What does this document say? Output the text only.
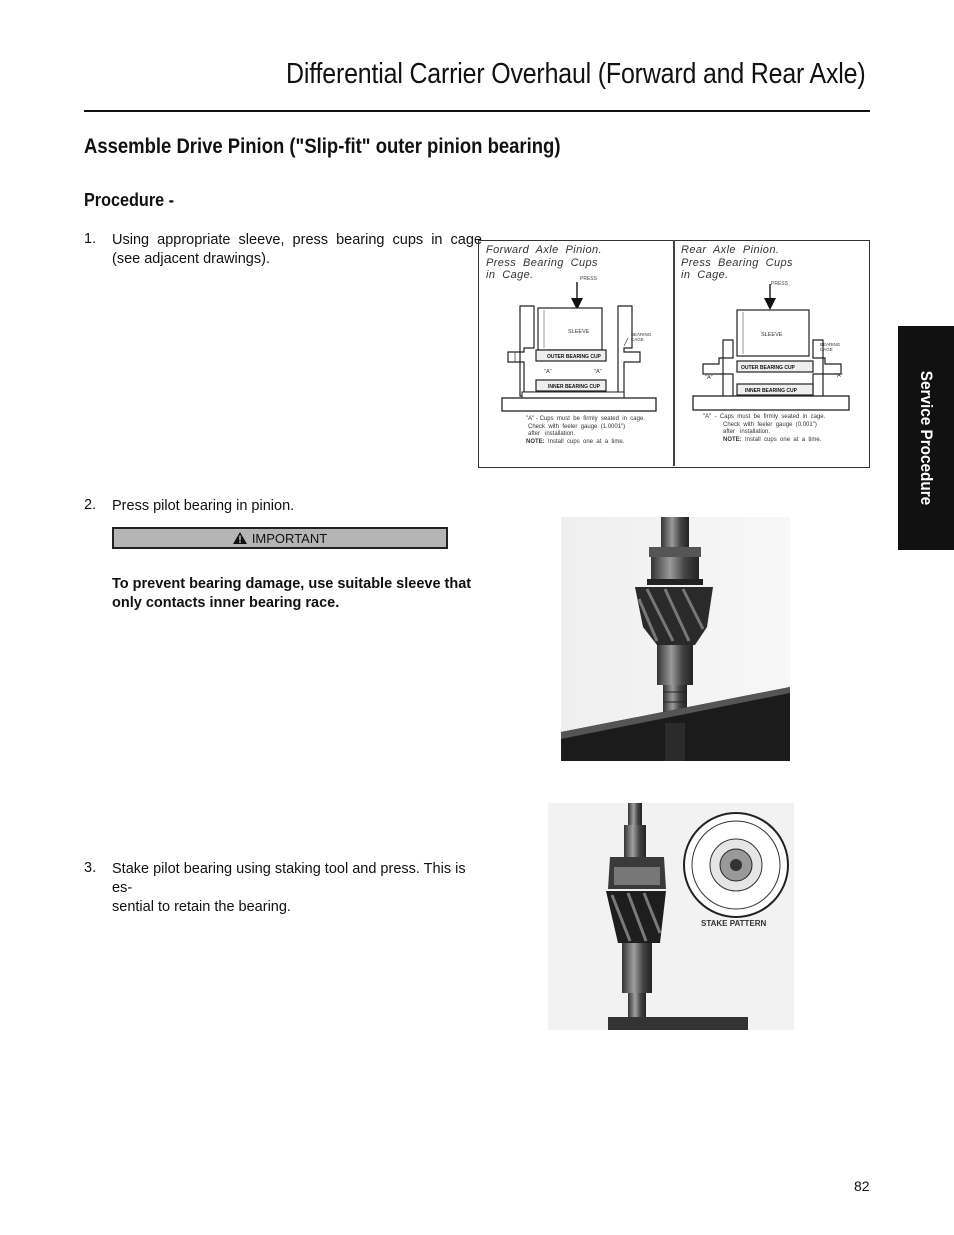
Differential Carrier Overhaul (Forward and Rear Axle)
Assemble Drive Pinion ("Slip-fit" outer pinion bearing)
Procedure -
1. Using appropriate sleeve, press bearing cups in cage (see adjacent drawings).
Forward  Axle  Pinion.
Press  Bearing  Cups
in  Cage.
Rear  Axle  Pinion.
Press  Bearing  Cups
in  Cage.
PRESS
SLEEVE	BEARING CAGE
OUTER BEARING CUP
"A"	"A"
INNER BEARING CUP
PRESS
SLEEVE
BEARING CAGE
OUTER BEARING CUP
"A"	"A"
INNER BEARING CUP
"A" - Cups  must  be  firmly  seated  in  cage.
Check  with  feeler  gauge  (1.0001")
after   installation.
NOTE: Install  cups  one  at  a  time.
"A"  -  Caps  must  be  firmly  seated  in  cage.
Check  with  feeler  gauge  (0.001")
after   installation.
NOTE: Install  cups  one  at  a  time.
2. Press pilot bearing in pinion.
IMPORTANT
To prevent bearing damage, use suitable sleeve that only contacts inner bearing race.
STAKE PATTERN
3. Stake pilot bearing using staking tool and press. This is es-
sential to retain the bearing.
Service Procedure
82
